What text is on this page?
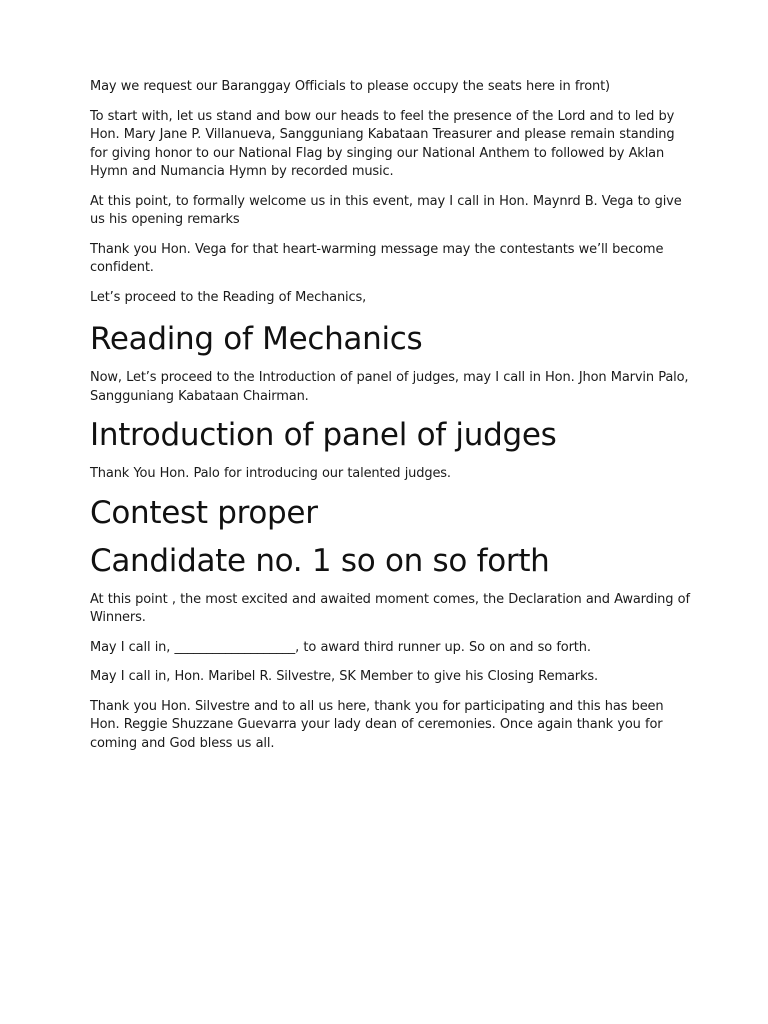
May we request our Baranggay Officials to please occupy the seats here in front)

To start with, let us stand and bow our heads to feel the presence of the Lord and to led by Hon. Mary Jane P. Villanueva, Sangguniang Kabataan Treasurer and please remain standing for giving honor to our National Flag by singing our National Anthem to followed by Aklan Hymn and Numancia Hymn by recorded music.

At this point, to formally welcome us in this event, may I call in Hon. Maynrd B. Vega to give us his opening remarks

Thank you Hon. Vega for that heart-warming message may the contestants we’ll become confident.

Let’s proceed to the Reading of Mechanics,

Reading of Mechanics

Now, Let’s proceed to the Introduction of panel of judges, may I call in Hon. Jhon Marvin Palo, Sangguniang Kabataan Chairman.

Introduction of panel of judges

Thank You Hon. Palo for introducing our talented judges.

Contest proper
Candidate no. 1 so on so forth

At this point , the most excited and awaited moment comes, the Declaration and Awarding of Winners.

May I call in, ___________________, to award third runner up. So on and so forth.

May I call in, Hon. Maribel R. Silvestre, SK Member to give his Closing Remarks.

Thank you Hon. Silvestre and to all us here, thank you for participating and this has been Hon. Reggie Shuzzane Guevarra your lady dean of ceremonies. Once again thank you for coming and God bless us all.
